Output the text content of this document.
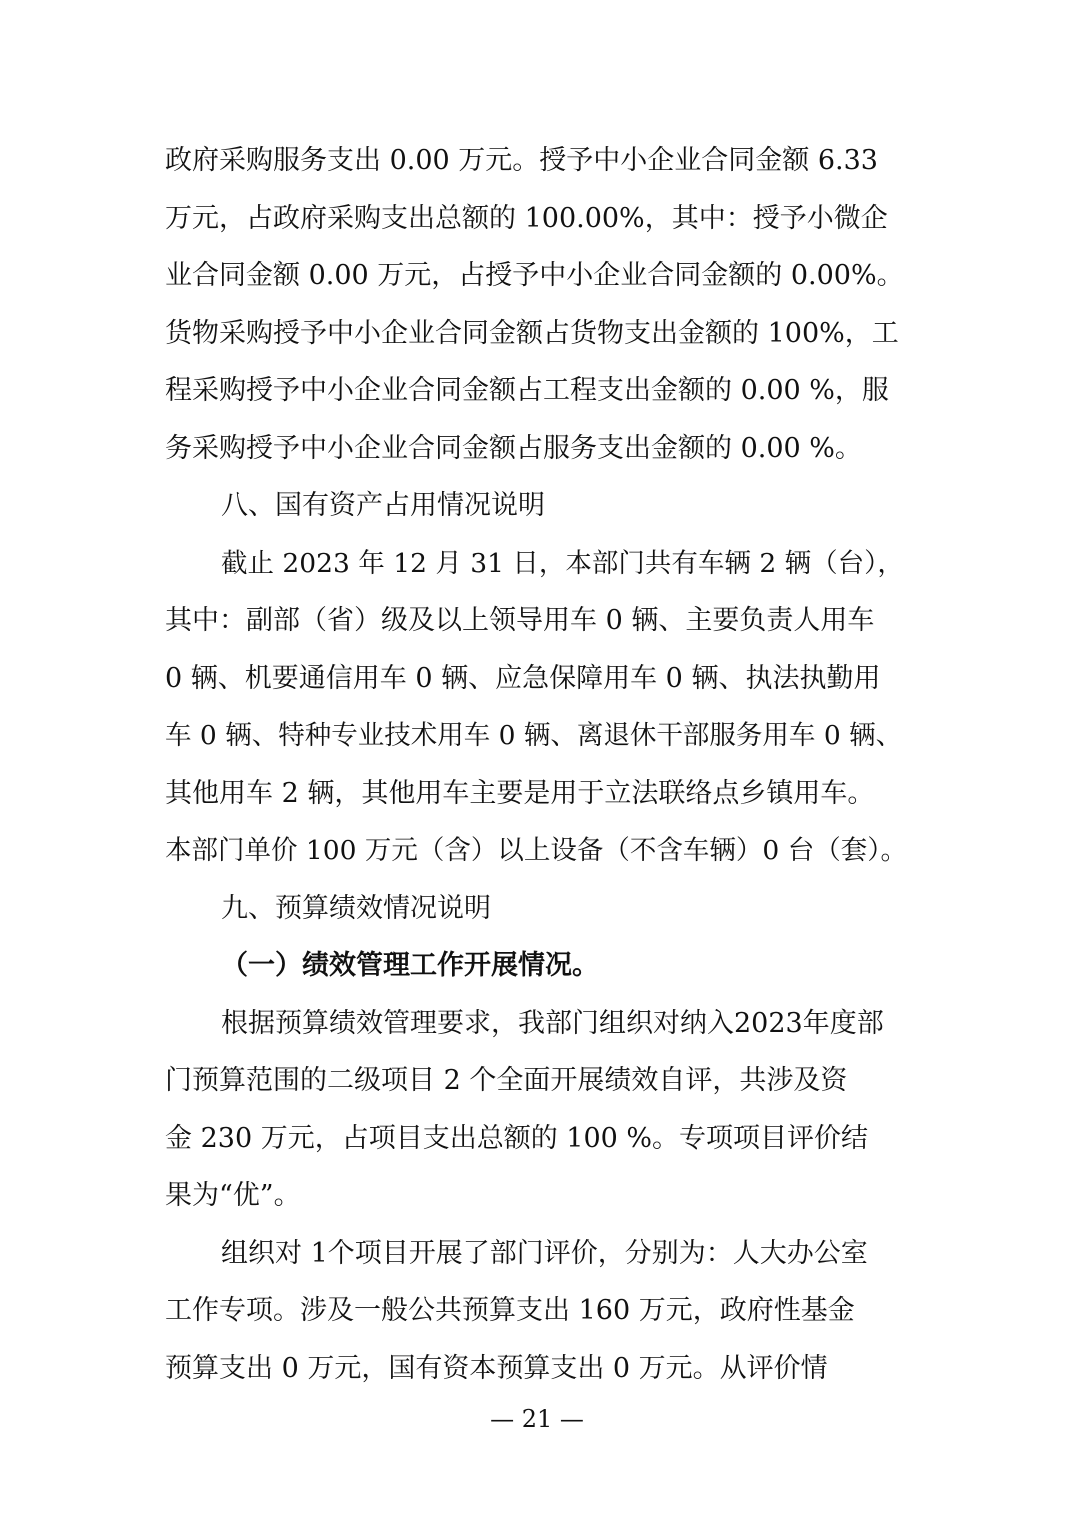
政府采购服务支出 0.00 万元。授予中小企业合同金额 6.33
万元，占政府采购支出总额的 100.00%，其中：授予小微企
业合同金额 0.00 万元，占授予中小企业合同金额的 0.00%。
货物采购授予中小企业合同金额占货物支出金额的 100%，工
程采购授予中小企业合同金额占工程支出金额的 0.00 %，服
务采购授予中小企业合同金额占服务支出金额的 0.00 %。
八、国有资产占用情况说明
截止 2023 年 12 月 31 日，本部门共有车辆 2 辆（台），
其中：副部（省）级及以上领导用车 0 辆、主要负责人用车
0 辆、机要通信用车 0 辆、应急保障用车 0 辆、执法执勤用
车 0 辆、特种专业技术用车 0 辆、离退休干部服务用车 0 辆、
其他用车 2 辆，其他用车主要是用于立法联络点乡镇用车。
本部门单价 100 万元（含）以上设备（不含车辆）0 台（套）。
九、预算绩效情况说明
（一）绩效管理工作开展情况。
根据预算绩效管理要求，我部门组织对纳入2023年度部
门预算范围的二级项目 2 个全面开展绩效自评，共涉及资
金 230 万元，占项目支出总额的 100 %。专项项目评价结
果为“优”。
组织对 1个项目开展了部门评价，分别为：人大办公室
工作专项。涉及一般公共预算支出 160 万元，政府性基金
预算支出 0 万元，国有资本预算支出 0 万元。从评价情
— 21 —
